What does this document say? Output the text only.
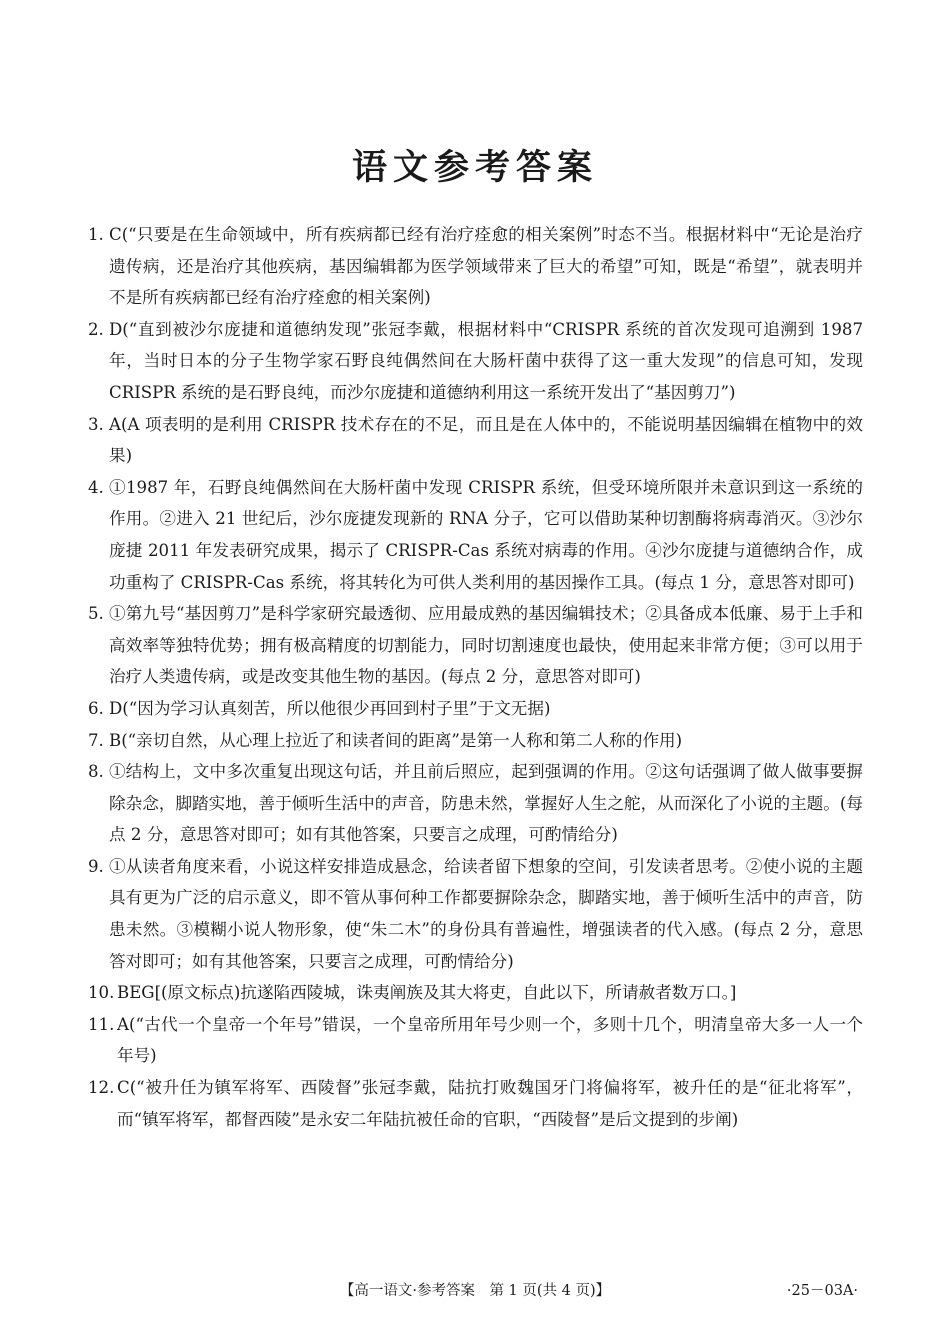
语文参考答案
1. C(“只要是在生命领域中，所有疾病都已经有治疗痊愈的相关案例”时态不当。根据材料中“无论是治疗遗传病，还是治疗其他疾病，基因编辑都为医学领域带来了巨大的希望”可知，既是“希望”，就表明并不是所有疾病都已经有治疗痊愈的相关案例)
2. D(“直到被沙尔庞捷和道德纳发现”张冠李戴，根据材料中“CRISPR 系统的首次发现可追溯到 1987 年，当时日本的分子生物学家石野良纯偶然间在大肠杆菌中获得了这一重大发现”的信息可知，发现 CRISPR 系统的是石野良纯，而沙尔庞捷和道德纳利用这一系统开发出了“基因剪刀”)
3. A(A 项表明的是利用 CRISPR 技术存在的不足，而且是在人体中的，不能说明基因编辑在植物中的效果)
4. ①1987 年，石野良纯偶然间在大肠杆菌中发现 CRISPR 系统，但受环境所限并未意识到这一系统的作用。②进入 21 世纪后，沙尔庞捷发现新的 RNA 分子，它可以借助某种切割酶将病毒消灭。③沙尔庞捷 2011 年发表研究成果，揭示了 CRISPR-Cas 系统对病毒的作用。④沙尔庞捷与道德纳合作，成功重构了 CRISPR-Cas 系统，将其转化为可供人类利用的基因操作工具。(每点 1 分，意思答对即可)
5. ①第九号“基因剪刀”是科学家研究最透彻、应用最成熟的基因编辑技术；②具备成本低廉、易于上手和高效率等独特优势；拥有极高精度的切割能力，同时切割速度也最快，使用起来非常方便；③可以用于治疗人类遗传病，或是改变其他生物的基因。(每点 2 分，意思答对即可)
6. D(“因为学习认真刻苦，所以他很少再回到村子里”于文无据)
7. B(“亲切自然，从心理上拉近了和读者间的距离”是第一人称和第二人称的作用)
8. ①结构上，文中多次重复出现这句话，并且前后照应，起到强调的作用。②这句话强调了做人做事要摒除杂念，脚踏实地，善于倾听生活中的声音，防患未然，掌握好人生之舵，从而深化了小说的主题。(每点 2 分，意思答对即可；如有其他答案，只要言之成理，可酌情给分)
9. ①从读者角度来看，小说这样安排造成悬念，给读者留下想象的空间，引发读者思考。②使小说的主题具有更为广泛的启示意义，即不管从事何种工作都要摒除杂念，脚踏实地，善于倾听生活中的声音，防患未然。③模糊小说人物形象，使“朱二木”的身份具有普遍性，增强读者的代入感。(每点 2 分，意思答对即可；如有其他答案，只要言之成理，可酌情给分)
10. BEG[(原文标点)抗遂陷西陵城，诛夷阐族及其大将吏，自此以下，所请赦者数万口。]
11. A(“古代一个皇帝一个年号”错误，一个皇帝所用年号少则一个，多则十几个，明清皇帝大多一人一个年号)
12. C(“被升任为镇军将军、西陵督”张冠李戴，陆抗打败魏国牙门将偏将军，被升任的是“征北将军”，而“镇军将军，都督西陵”是永安二年陆抗被任命的官职，“西陵督”是后文提到的步阐)
【高一语文·参考答案　第 1 页(共 4 页)】	·25－03A·
